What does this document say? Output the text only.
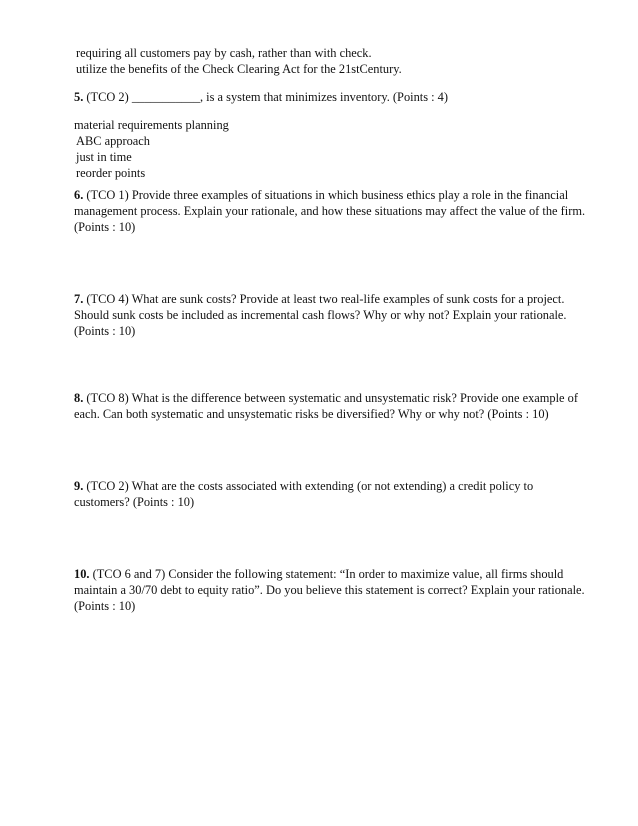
requiring all customers pay by cash, rather than with check.
utilize the benefits of the Check Clearing Act for the 21stCentury.
5. (TCO 2) ___________, is a system that minimizes inventory. (Points : 4)
material requirements planning
ABC approach
just in time
reorder points
6. (TCO 1) Provide three examples of situations in which business ethics play a role in the financial
management process. Explain your rationale, and how these situations may affect the value of the firm.
(Points : 10)
7. (TCO 4) What are sunk costs? Provide at least two real-life examples of sunk costs for a project.
Should sunk costs be included as incremental cash flows? Why or why not? Explain your rationale.
(Points : 10)
8. (TCO 8) What is the difference between systematic and unsystematic risk? Provide one example of
each. Can both systematic and unsystematic risks be diversified? Why or why not? (Points : 10)
9. (TCO 2) What are the costs associated with extending (or not extending) a credit policy to
customers? (Points : 10)
10. (TCO 6 and 7) Consider the following statement: “In order to maximize value, all firms should
maintain a 30/70 debt to equity ratio”. Do you believe this statement is correct? Explain your rationale.
(Points : 10)
